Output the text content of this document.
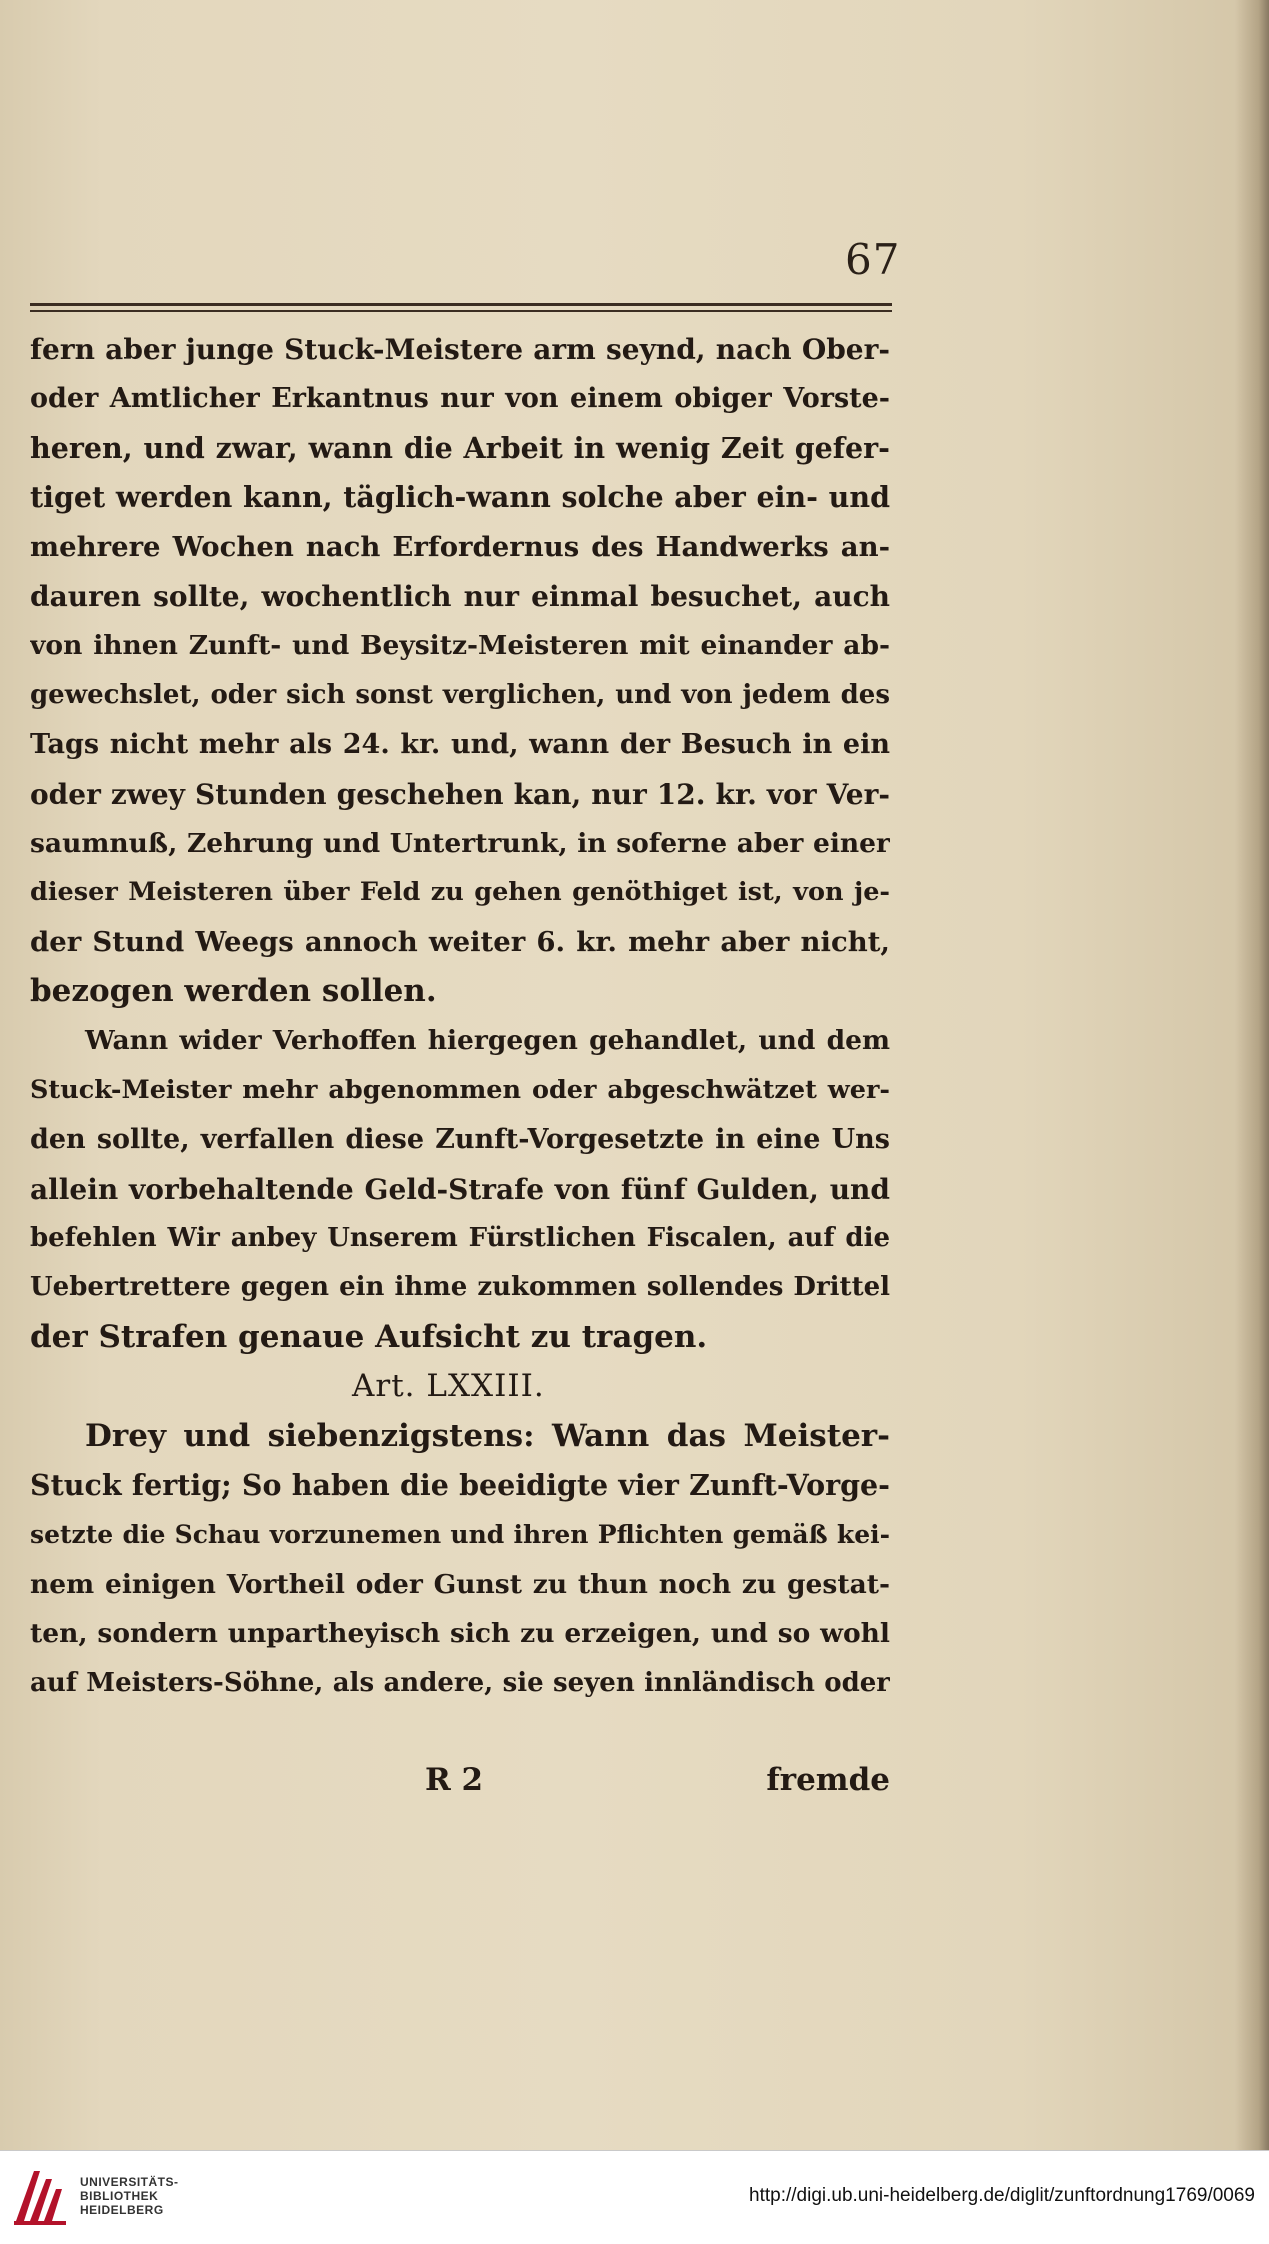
67
fern aber junge Stuck-Meistere arm seynd, nach Ober-
oder Amtlicher Erkantnus nur von einem obiger Vorste-
heren, und zwar, wann die Arbeit in wenig Zeit gefer-
tiget werden kann, täglich-wann solche aber ein- und
mehrere Wochen nach Erfordernus des Handwerks an-
dauren sollte, wochentlich nur einmal besuchet, auch
von ihnen Zunft- und Beysitz-Meisteren mit einander ab-
gewechslet, oder sich sonst verglichen, und von jedem des
Tags nicht mehr als 24. kr. und, wann der Besuch in ein
oder zwey Stunden geschehen kan, nur 12. kr. vor Ver-
saumnuß, Zehrung und Untertrunk, in soferne aber einer
dieser Meisteren über Feld zu gehen genöthiget ist, von je-
der Stund Weegs annoch weiter 6. kr. mehr aber nicht,
bezogen werden sollen.
Wann wider Verhoffen hiergegen gehandlet, und dem
Stuck-Meister mehr abgenommen oder abgeschwätzet wer-
den sollte, verfallen diese Zunft-Vorgesetzte in eine Uns
allein vorbehaltende Geld-Strafe von fünf Gulden, und
befehlen Wir anbey Unserem Fürstlichen Fiscalen, auf die
Uebertrettere gegen ein ihme zukommen sollendes Drittel
der Strafen genaue Aufsicht zu tragen.
Art. LXXIII.
Drey und siebenzigstens: Wann das Meister-
Stuck fertig; So haben die beeidigte vier Zunft-Vorge-
setzte die Schau vorzunemen und ihren Pflichten gemäß kei-
nem einigen Vortheil oder Gunst zu thun noch zu gestat-
ten, sondern unpartheyisch sich zu erzeigen, und so wohl
auf Meisters-Söhne, als andere, sie seyen innländisch oder
R 2	fremde
UNIVERSITÄTS-
BIBLIOTHEK
HEIDELBERG
http://digi.ub.uni-heidelberg.de/diglit/zunftordnung1769/0069
